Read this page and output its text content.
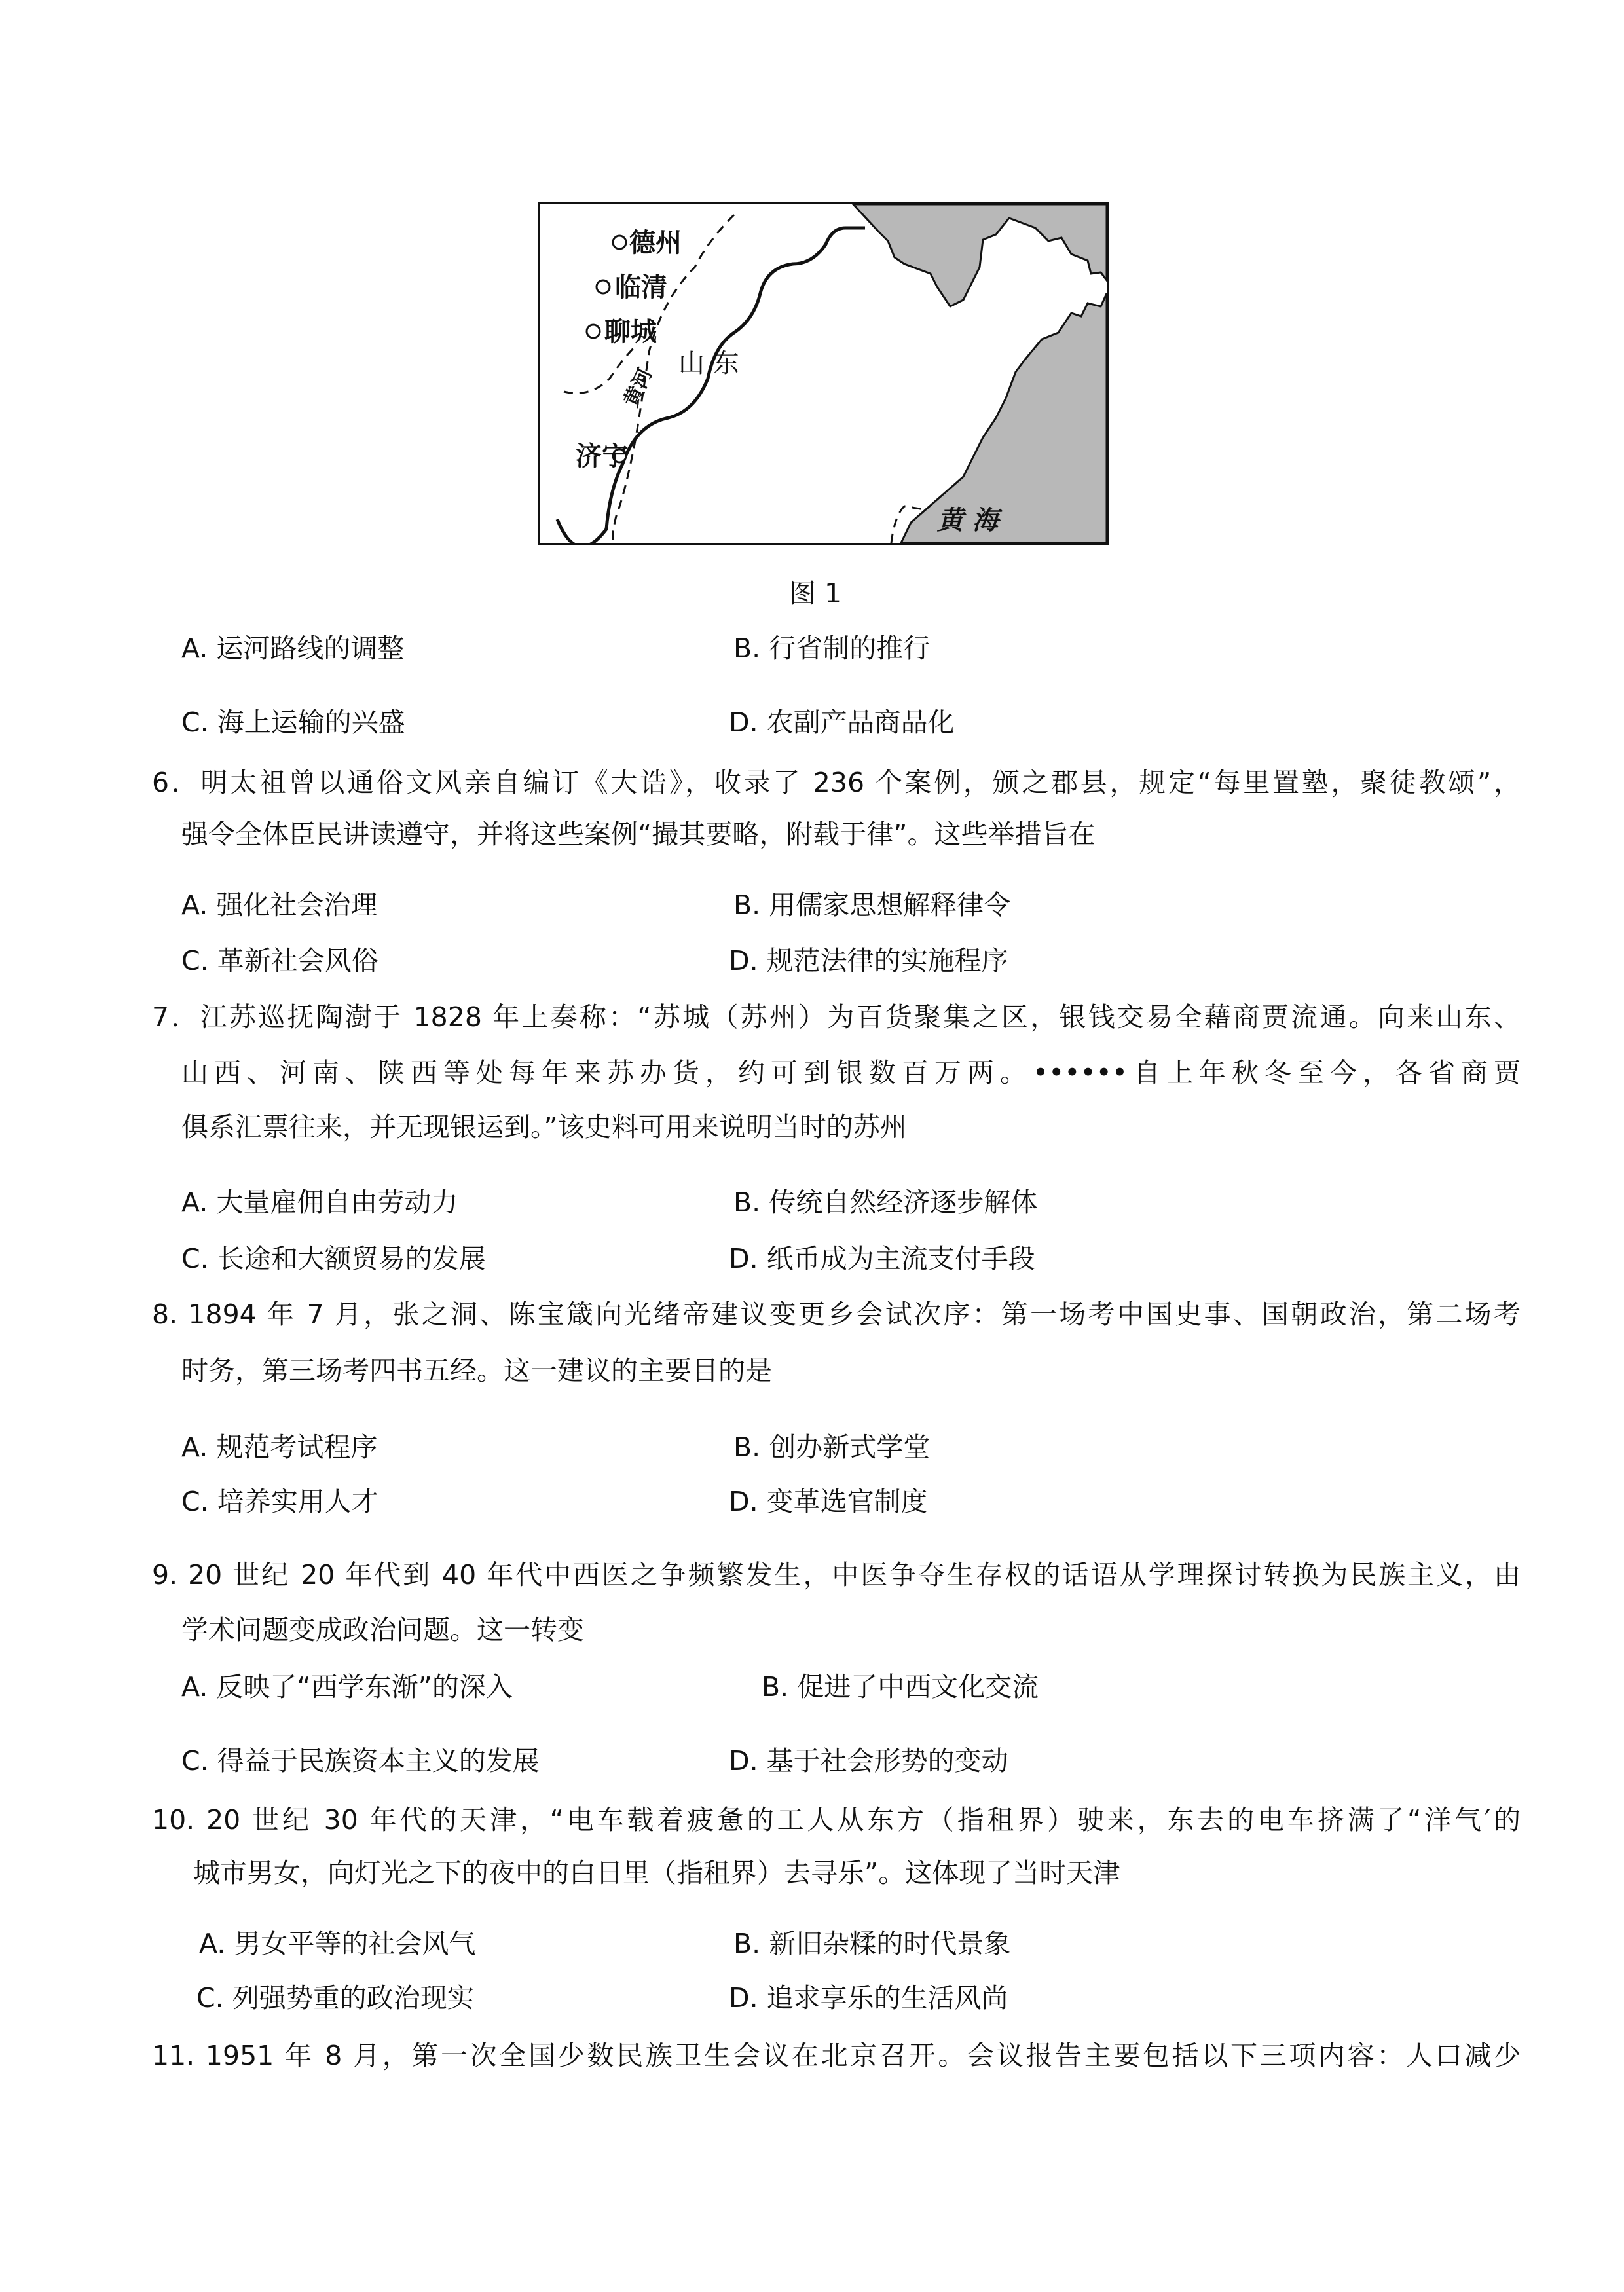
德州
临清
聊城
济宁
山 东
黄河
黄 海
图 1
A. 运河路线的调整	B. 行省制的推行
C. 海上运输的兴盛	D. 农副产品商品化
6．明太祖曾以通俗文风亲自编订《大诰》，收录了 236 个案例，颁之郡县，规定“每里置塾，聚徒教颂”，
强令全体臣民讲读遵守，并将这些案例“撮其要略，附载于律”。这些举措旨在
A. 强化社会治理	B. 用儒家思想解释律令
C. 革新社会风俗	D. 规范法律的实施程序
7．江苏巡抚陶澍于 1828 年上奏称：“苏城（苏州）为百货聚集之区，银钱交易全藉商贾流通。向来山东、
山西、河南、陕西等处每年来苏办货，约可到银数百万两。••••••自上年秋冬至今，各省商贾
俱系汇票往来，并无现银运到。”该史料可用来说明当时的苏州
A. 大量雇佣自由劳动力	B. 传统自然经济逐步解体
C. 长途和大额贸易的发展	D. 纸币成为主流支付手段
8. 1894 年 7 月，张之洞、陈宝箴向光绪帝建议变更乡会试次序：第一场考中国史事、国朝政治，第二场考
时务，第三场考四书五经。这一建议的主要目的是
A. 规范考试程序	B. 创办新式学堂
C. 培养实用人才	D. 变革选官制度
9. 20 世纪 20 年代到 40 年代中西医之争频繁发生，中医争夺生存权的话语从学理探讨转换为民族主义，由
学术问题变成政治问题。这一转变
A. 反映了“西学东渐”的深入	B. 促进了中西文化交流
C. 得益于民族资本主义的发展	D. 基于社会形势的变动
10. 20 世纪 30 年代的天津，“电车载着疲惫的工人从东方（指租界）驶来，东去的电车挤满了“洋气′的
城市男女，向灯光之下的夜中的白日里（指租界）去寻乐”。这体现了当时天津
A. 男女平等的社会风气	B. 新旧杂糅的时代景象
C. 列强势重的政治现实	D. 追求享乐的生活风尚
11. 1951 年 8 月，第一次全国少数民族卫生会议在北京召开。会议报告主要包括以下三项内容：人口减少
